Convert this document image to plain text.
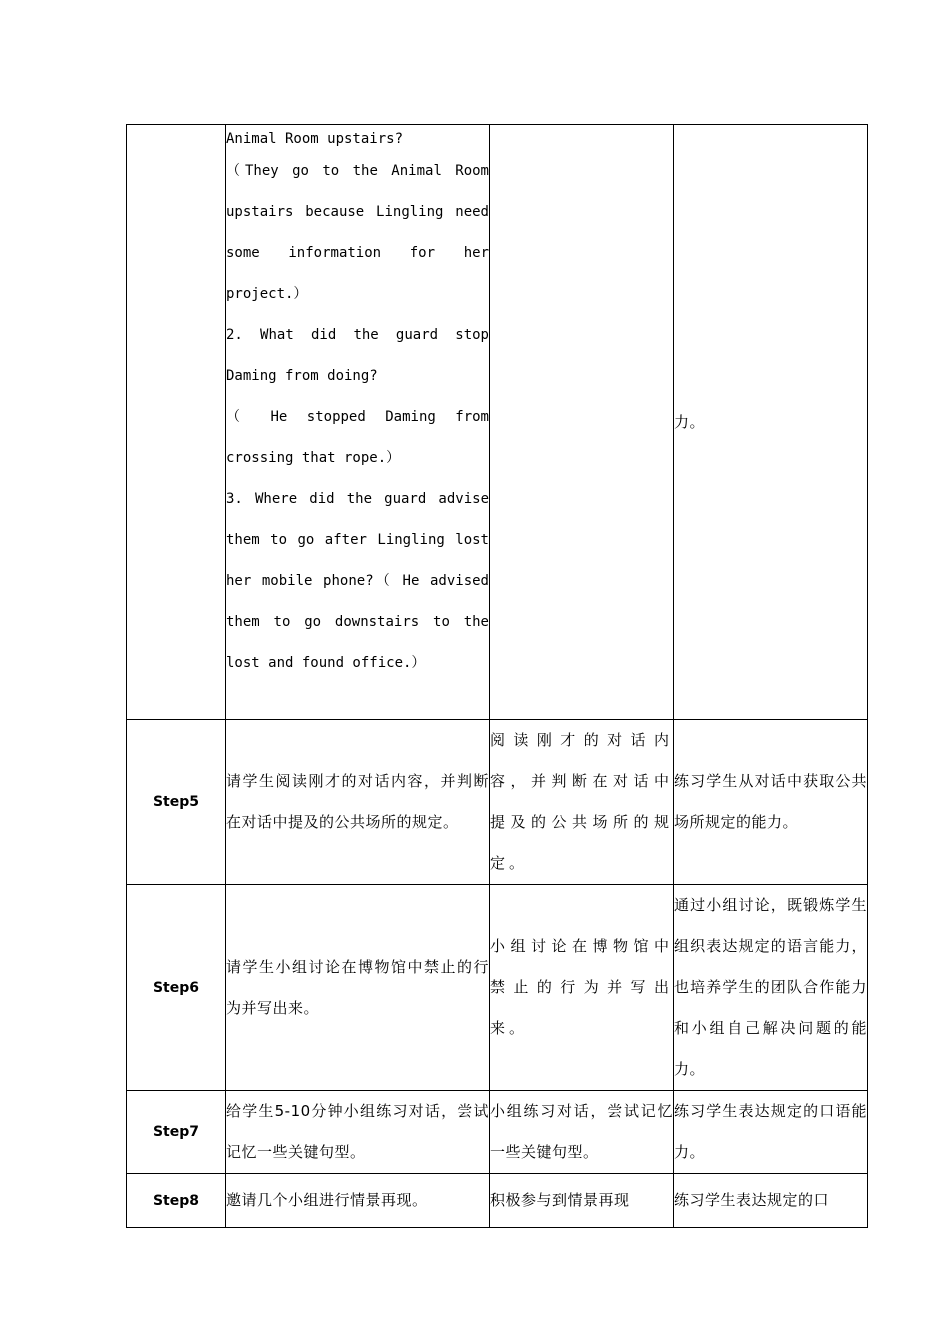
	Animal Room upstairs?

（They go to the Animal Room upstairs because Lingling need some information for her project.）

2. What did the guard stop Daming from doing?

（ He stopped Daming from crossing that rope.）

3. Where did the guard advise them to go after Lingling lost her mobile phone?（ He advised them to go downstairs to the lost and found office.）		力。
Step5	请学生阅读刚才的对话内容，并判断在对话中提及的公共场所的规定。	阅读刚才的对话内容，并判断在对话中提及的公共场所的规定。	练习学生从对话中获取公共场所规定的能力。
Step6	请学生小组讨论在博物馆中禁止的行为并写出来。	小组讨论在博物馆中禁止的行为并写出来。	通过小组讨论，既锻炼学生组织表达规定的语言能力，也培养学生的团队合作能力和小组自己解决问题的能力。
Step7	给学生5-10分钟小组练习对话，尝试记忆一些关键句型。	小组练习对话，尝试记忆一些关键句型。	练习学生表达规定的口语能力。
Step8	邀请几个小组进行情景再现。	积极参与到情景再现	练习学生表达规定的口
